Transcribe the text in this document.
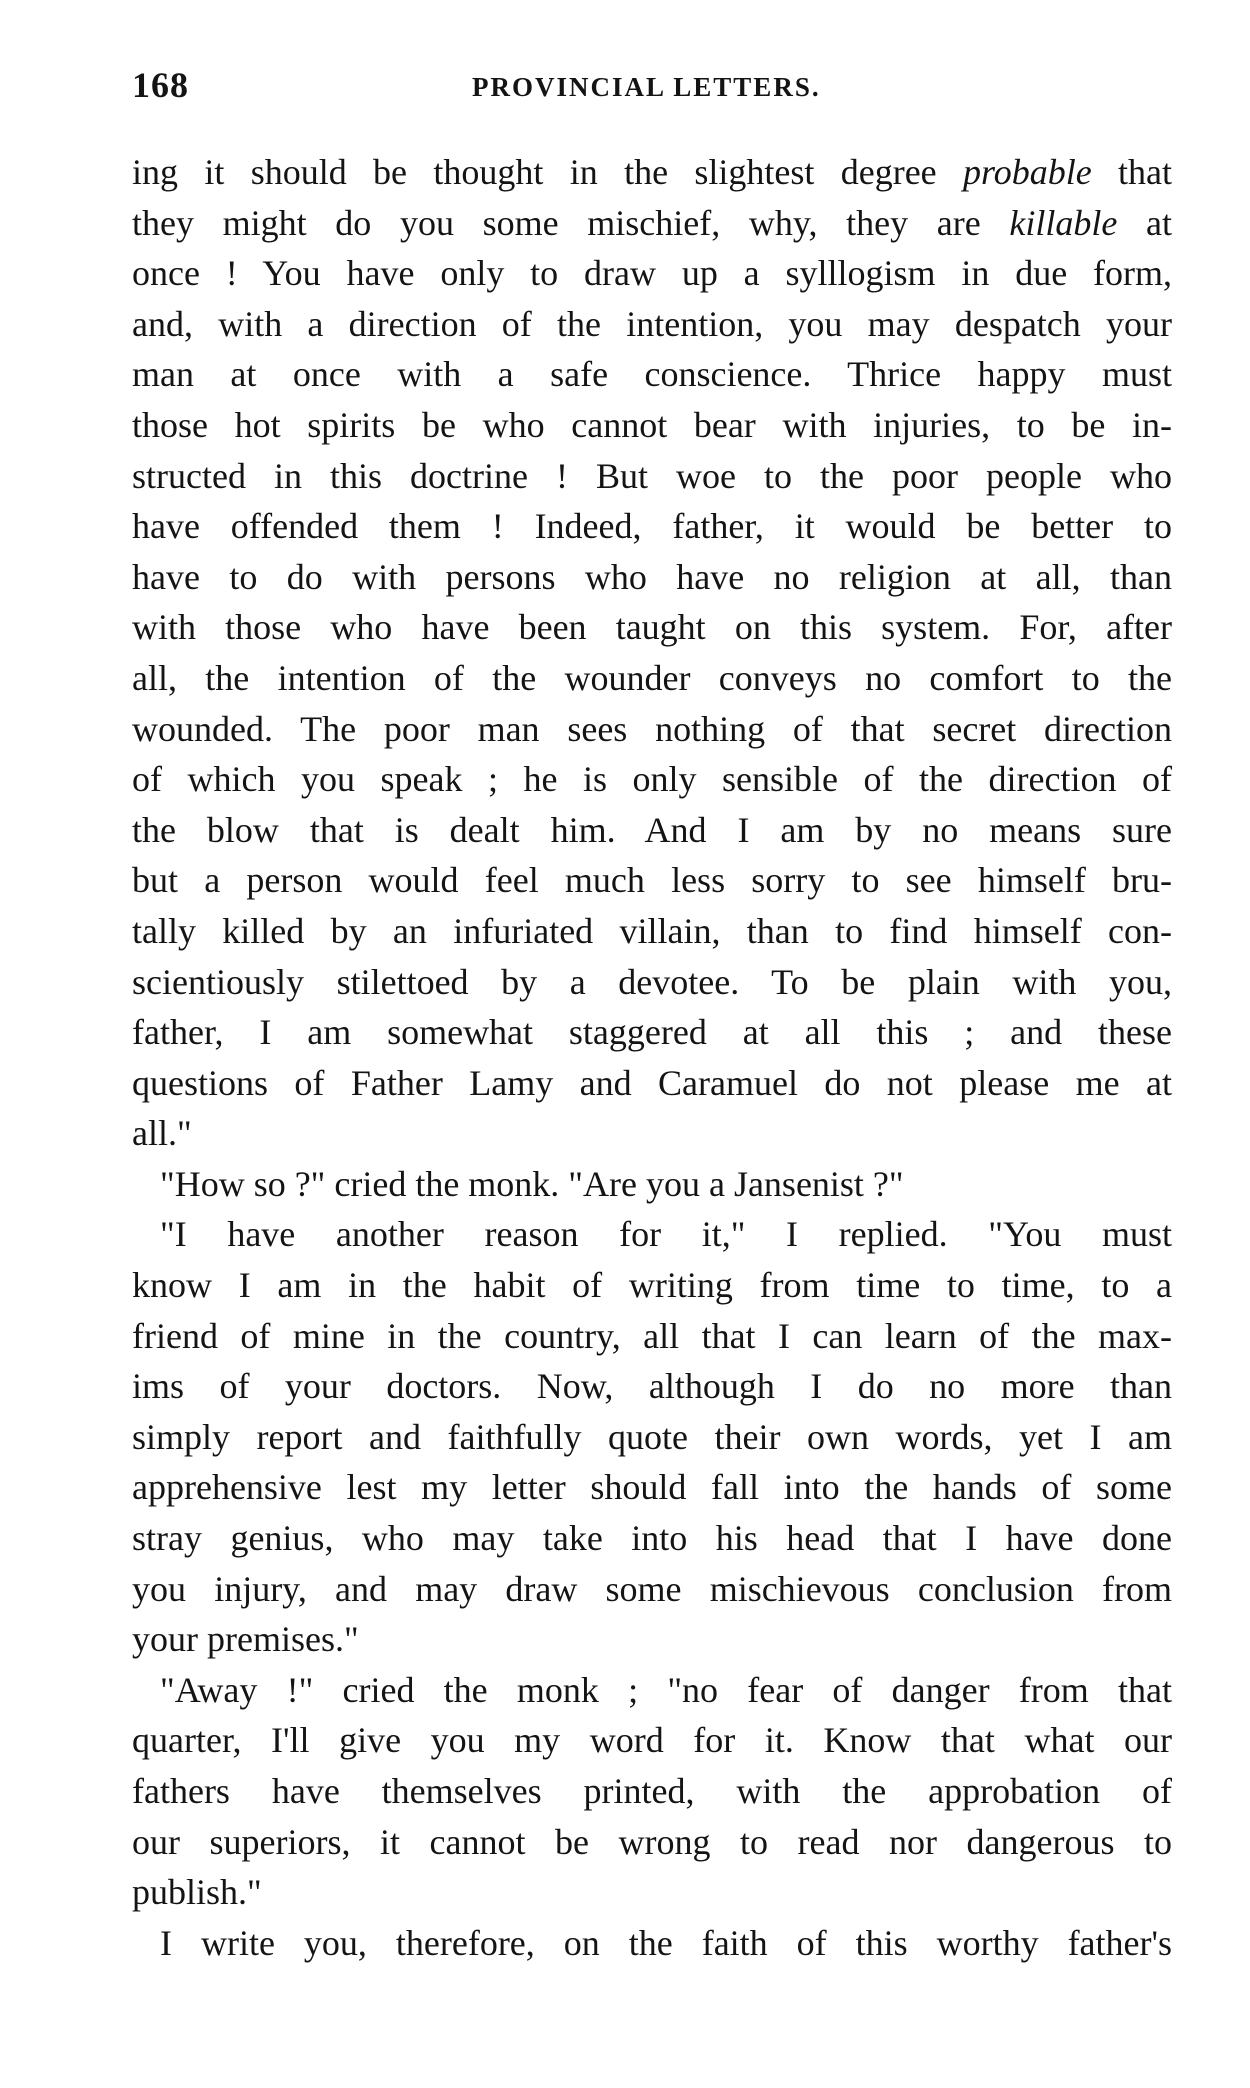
168	PROVINCIAL LETTERS.
ing it should be thought in the slightest degree probable that
they might do you some mischief, why, they are killable at
once ! You have only to draw up a sylllogism in due form,
and, with a direction of the intention, you may despatch your
man at once with a safe conscience. Thrice happy must
those hot spirits be who cannot bear with injuries, to be in-
structed in this doctrine ! But woe to the poor people who
have offended them ! Indeed, father, it would be better to
have to do with persons who have no religion at all, than
with those who have been taught on this system. For, after
all, the intention of the wounder conveys no comfort to the
wounded. The poor man sees nothing of that secret direction
of which you speak ; he is only sensible of the direction of
the blow that is dealt him. And I am by no means sure
but a person would feel much less sorry to see himself bru-
tally killed by an infuriated villain, than to find himself con-
scientiously stilettoed by a devotee. To be plain with you,
father, I am somewhat staggered at all this ; and these
questions of Father Lamy and Caramuel do not please me at
all."
"How so ?" cried the monk. "Are you a Jansenist ?"
"I have another reason for it," I replied. "You must
know I am in the habit of writing from time to time, to a
friend of mine in the country, all that I can learn of the max-
ims of your doctors. Now, although I do no more than
simply report and faithfully quote their own words, yet I am
apprehensive lest my letter should fall into the hands of some
stray genius, who may take into his head that I have done
you injury, and may draw some mischievous conclusion from
your premises."
"Away !" cried the monk ; "no fear of danger from that
quarter, I'll give you my word for it. Know that what our
fathers have themselves printed, with the approbation of
our superiors, it cannot be wrong to read nor dangerous to
publish."
I write you, therefore, on the faith of this worthy father's
